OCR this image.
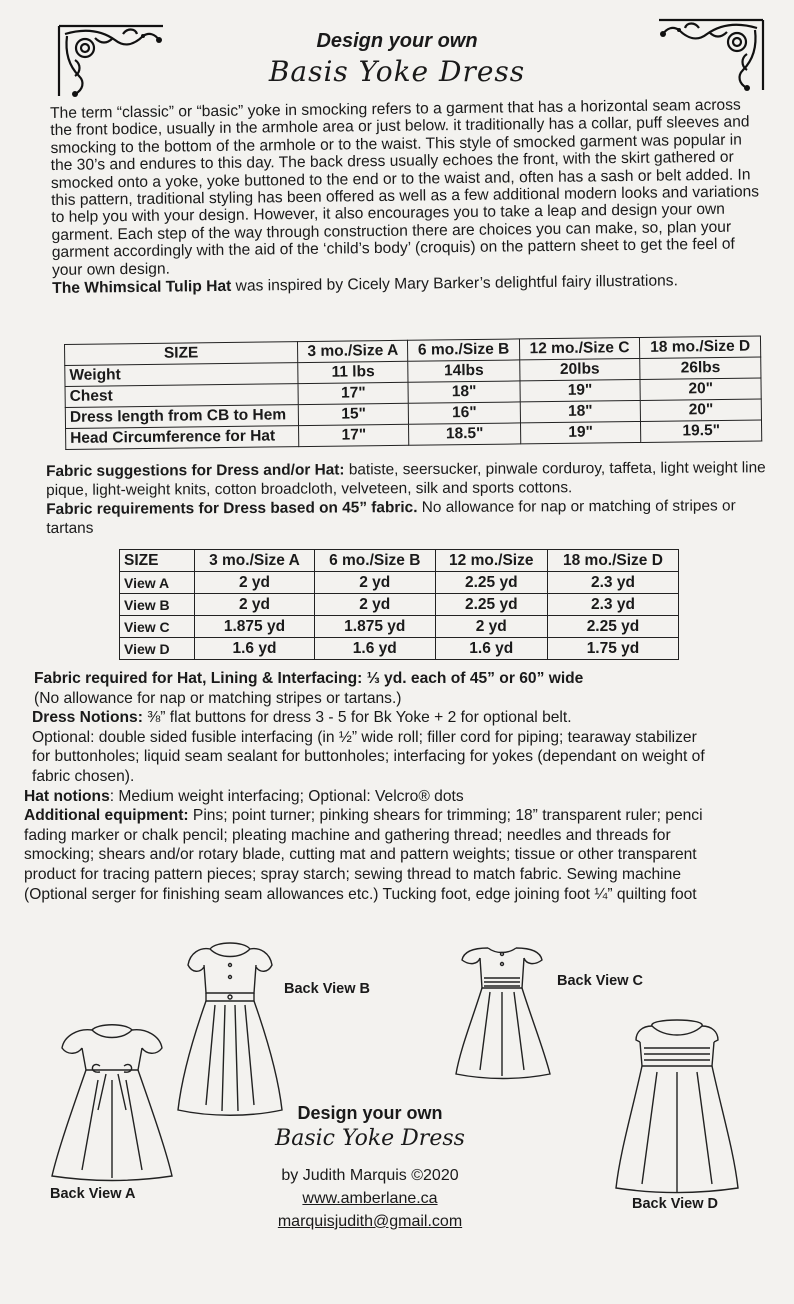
Design your own
Basis Yoke Dress

The term “classic” or “basic” yoke in smocking refers to a garment that has a horizontal seam across the front bodice, usually in the armhole area or just below. it traditionally has a collar, puff sleeves and smocking to the bottom of the armhole or to the waist. This style of smocked garment was popular in the 30’s and endures to this day. The back dress usually echoes the front, with the skirt gathered or smocked onto a yoke, yoke buttoned to the end or to the waist and, often has a sash or belt added. In this pattern, traditional styling has been offered as well as a few additional modern looks and variations to help you with your design. However, it also encourages you to take a leap and design your own garment. Each step of the way through construction there are choices you can make, so, plan your garment accordingly with the aid of the ‘child’s body’ (croquis) on the pattern sheet to get the feel of your own design.

The Whimsical Tulip Hat was inspired by Cicely Mary Barker’s delightful fairy illustrations.

SIZE	3 mo./Size A	6 mo./Size B	12 mo./Size C	18 mo./Size D
Weight	11 lbs	14lbs	20lbs	26lbs
Chest	17"	18"	19"	20"
Dress length from CB to Hem	15"	16"	18"	20"
Head Circumference for Hat	17"	18.5"	19"	19.5"

Fabric suggestions for Dress and/or Hat: batiste, seersucker, pinwale corduroy, taffeta, light weight line pique, light-weight knits, cotton broadcloth, velveteen, silk and sports cottons.

Fabric requirements for Dress based on 45” fabric. No allowance for nap or matching of stripes or tartans

SIZE	3 mo./Size A	6 mo./Size B	12 mo./Size	18 mo./Size D
View A	2 yd	2 yd	2.25 yd	2.3 yd
View B	2 yd	2 yd	2.25 yd	2.3 yd
View C	1.875 yd	1.875 yd	2 yd	2.25 yd
View D	1.6 yd	1.6 yd	1.6 yd	1.75 yd

Fabric required for Hat, Lining & Interfacing: ⅓ yd. each of 45” or 60” wide

(No allowance for nap or matching stripes or tartans.)

Dress Notions: ⅜” flat buttons for dress 3 - 5 for Bk Yoke + 2 for optional belt.

Optional: double sided fusible interfacing (in ½” wide roll; filler cord for piping; tearaway stabilizer

for buttonholes; liquid seam sealant for buttonholes; interfacing for yokes (dependant on weight of

fabric chosen).

Hat notions: Medium weight interfacing; Optional: Velcro® dots

Additional equipment: Pins; point turner; pinking shears for trimming; 18” transparent ruler; penci

fading marker or chalk pencil; pleating machine and gathering thread; needles and threads for

smocking; shears and/or rotary blade, cutting mat and pattern weights; tissue or other transparent

product for tracing pattern pieces; spray starch; sewing thread to match fabric. Sewing machine

(Optional serger for finishing seam allowances etc.) Tucking foot, edge joining foot ¼” quilting foot

Back View B	Back View C
Back View A
Back View D
Design your own
Basic Yoke Dress
by Judith Marquis ©2020
www.amberlane.ca
marquisjudith@gmail.com
